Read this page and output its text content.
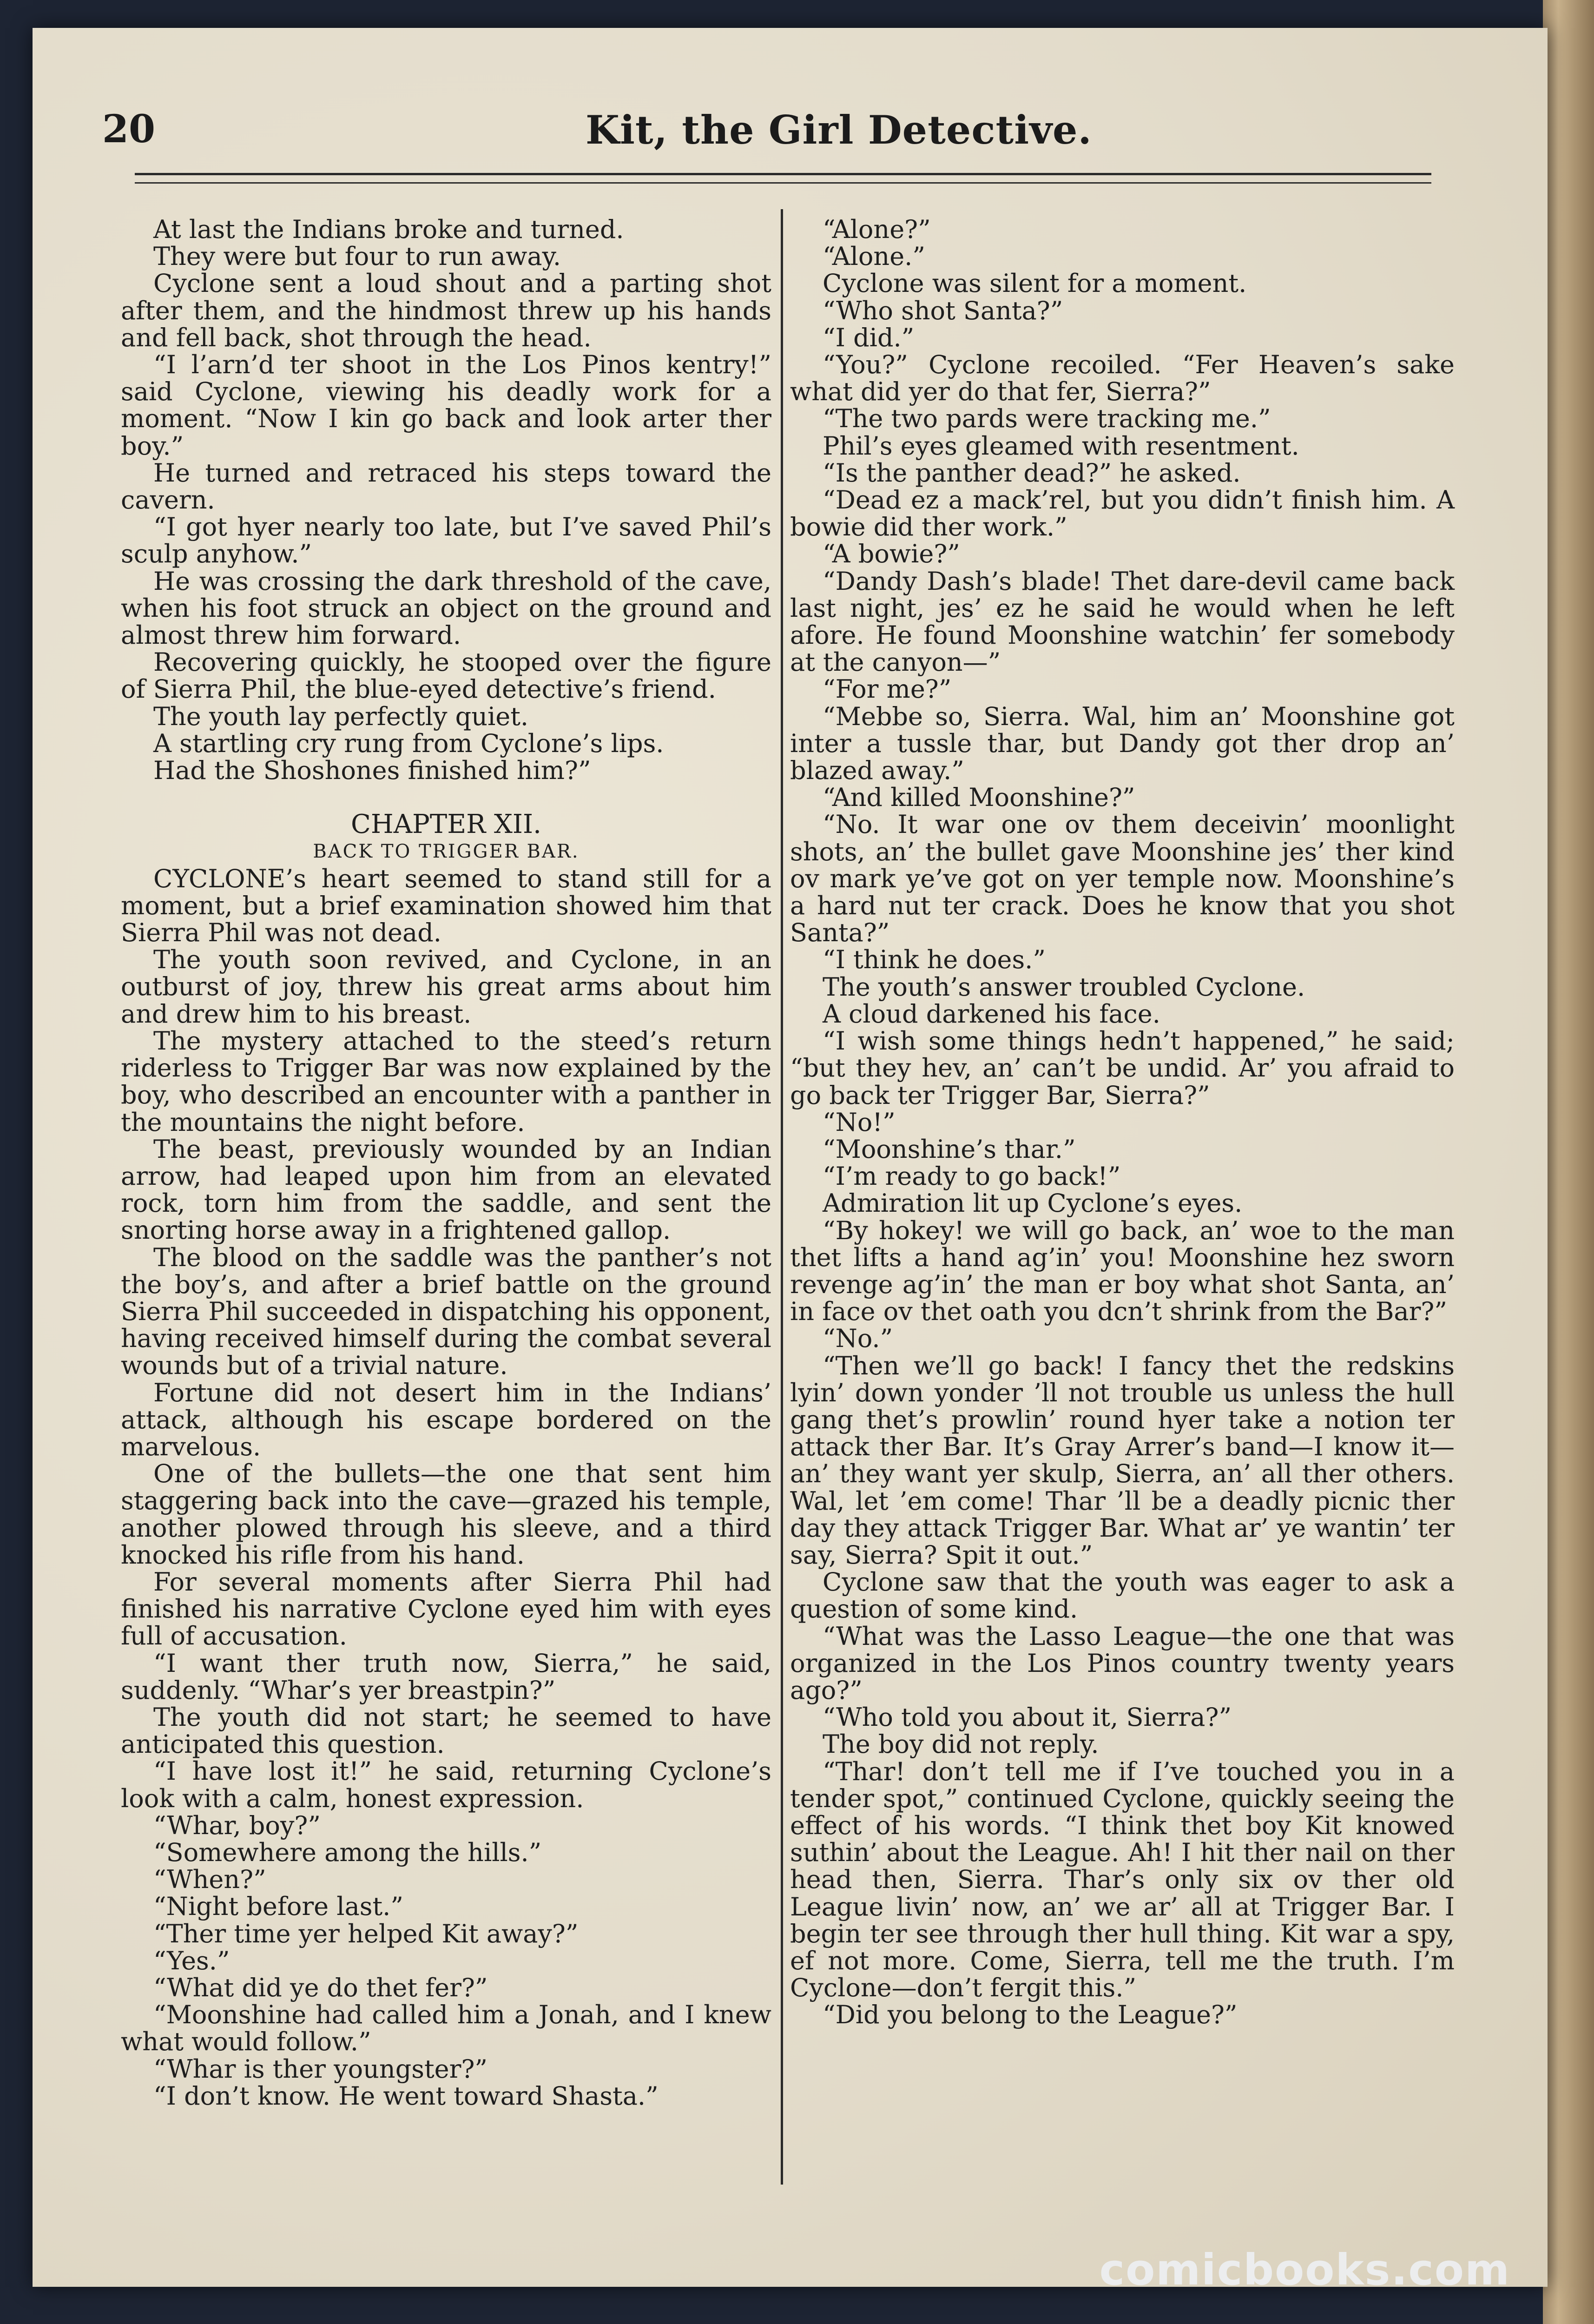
20	Kit, the Girl Detective.

At last the Indians broke and turned.

They were but four to run away.

Cyclone sent a loud shout and a parting shot after them, and the hindmost threw up his hands and fell back, shot through the head.

“I l’arn’d ter shoot in the Los Pinos kentry!” said Cyclone, viewing his deadly work for a moment. “Now I kin go back and look arter ther boy.”

He turned and retraced his steps toward the cavern.

“I got hyer nearly too late, but I’ve saved Phil’s sculp anyhow.”

He was crossing the dark threshold of the cave, when his foot struck an object on the ground and almost threw him forward.

Recovering quickly, he stooped over the figure of Sierra Phil, the blue-eyed detective’s friend.

The youth lay perfectly quiet.

A startling cry rung from Cyclone’s lips.

Had the Shoshones finished him?”

CHAPTER XII.

BACK TO TRIGGER BAR.

CYCLONE’s heart seemed to stand still for a moment, but a brief examination showed him that Sierra Phil was not dead.

The youth soon revived, and Cyclone, in an outburst of joy, threw his great arms about him and drew him to his breast.

The mystery attached to the steed’s return riderless to Trigger Bar was now explained by the boy, who described an encounter with a panther in the mountains the night before.

The beast, previously wounded by an Indian arrow, had leaped upon him from an elevated rock, torn him from the saddle, and sent the snorting horse away in a frightened gallop.

The blood on the saddle was the panther’s not the boy’s, and after a brief battle on the ground Sierra Phil succeeded in dispatching his opponent, having received himself during the combat several wounds but of a trivial nature.

Fortune did not desert him in the Indians’ attack, although his escape bordered on the marvelous.

One of the bullets—the one that sent him staggering back into the cave—grazed his temple, another plowed through his sleeve, and a third knocked his rifle from his hand.

For several moments after Sierra Phil had finished his narrative Cyclone eyed him with eyes full of accusation.

“I want ther truth now, Sierra,” he said, suddenly. “Whar’s yer breastpin?”

The youth did not start; he seemed to have anticipated this question.

“I have lost it!” he said, returning Cyclone’s look with a calm, honest expression.

“Whar, boy?”

“Somewhere among the hills.”

“When?”

“Night before last.”

“Ther time yer helped Kit away?”

“Yes.”

“What did ye do thet fer?”

“Moonshine had called him a Jonah, and I knew what would follow.”

“Whar is ther youngster?”

“I don’t know. He went toward Shasta.”

“Alone?”

“Alone.”

Cyclone was silent for a moment.

“Who shot Santa?”

“I did.”

“You?” Cyclone recoiled. “Fer Heaven’s sake what did yer do that fer, Sierra?”

“The two pards were tracking me.”

Phil’s eyes gleamed with resentment.

“Is the panther dead?” he asked.

“Dead ez a mack’rel, but you didn’t finish him. A bowie did ther work.”

“A bowie?”

“Dandy Dash’s blade! Thet dare-devil came back last night, jes’ ez he said he would when he left afore. He found Moonshine watchin’ fer somebody at the canyon—”

“For me?”

“Mebbe so, Sierra. Wal, him an’ Moonshine got inter a tussle thar, but Dandy got ther drop an’ blazed away.”

“And killed Moonshine?”

“No. It war one ov them deceivin’ moonlight shots, an’ the bullet gave Moonshine jes’ ther kind ov mark ye’ve got on yer temple now. Moonshine’s a hard nut ter crack. Does he know that you shot Santa?”

“I think he does.”

The youth’s answer troubled Cyclone.

A cloud darkened his face.

“I wish some things hedn’t happened,” he said; “but they hev, an’ can’t be undid. Ar’ you afraid to go back ter Trigger Bar, Sierra?”

“No!”

“Moonshine’s thar.”

“I’m ready to go back!”

Admiration lit up Cyclone’s eyes.

“By hokey! we will go back, an’ woe to the man thet lifts a hand ag’in’ you! Moonshine hez sworn revenge ag’in’ the man er boy what shot Santa, an’ in face ov thet oath you dcn’t shrink from the Bar?”

“No.”

“Then we’ll go back! I fancy thet the redskins lyin’ down yonder ’ll not trouble us unless the hull gang thet’s prowlin’ round hyer take a notion ter attack ther Bar. It’s Gray Arrer’s band—I know it—an’ they want yer skulp, Sierra, an’ all ther others. Wal, let ’em come! Thar ’ll be a deadly picnic ther day they attack Trigger Bar. What ar’ ye wantin’ ter say, Sierra? Spit it out.”

Cyclone saw that the youth was eager to ask a question of some kind.

“What was the Lasso League—the one that was organized in the Los Pinos country twenty years ago?”

“Who told you about it, Sierra?”

The boy did not reply.

“Thar! don’t tell me if I’ve touched you in a tender spot,” continued Cyclone, quickly seeing the effect of his words. “I think thet boy Kit knowed suthin’ about the League. Ah! I hit ther nail on ther head then, Sierra. Thar’s only six ov ther old League livin’ now, an’ we ar’ all at Trigger Bar. I begin ter see through ther hull thing. Kit war a spy, ef not more. Come, Sierra, tell me the truth. I’m Cyclone—don’t fergit this.”

“Did you belong to the League?”

comicbooks.com
